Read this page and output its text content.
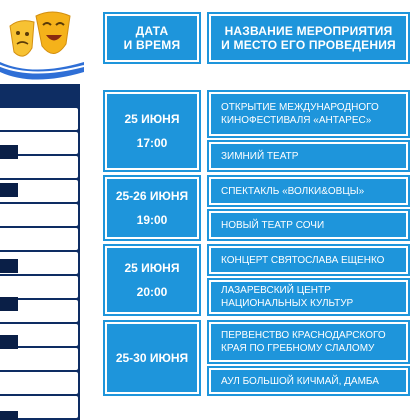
ДАТА
И ВРЕМЯ
НАЗВАНИЕ МЕРОПРИЯТИЯ
И МЕСТО ЕГО ПРОВЕДЕНИЯ
25 ИЮНЯ
17:00
ОТКРЫТИЕ МЕЖДУНАРОДНОГО КИНОФЕСТИВАЛЯ «АНТАРЕС»
ЗИМНИЙ ТЕАТР
25-26 ИЮНЯ
19:00
СПЕКТАКЛЬ «ВОЛКИ&ОВЦЫ»
НОВЫЙ ТЕАТР СОЧИ
25 ИЮНЯ
20:00
КОНЦЕРТ СВЯТОСЛАВА ЕЩЕНКО
ЛАЗАРЕВСКИЙ ЦЕНТР НАЦИОНАЛЬНЫХ КУЛЬТУР
25-30 ИЮНЯ
ПЕРВЕНСТВО КРАСНОДАРСКОГО КРАЯ ПО ГРЕБНОМУ СЛАЛОМУ
АУЛ БОЛЬШОЙ КИЧМАЙ, ДАМБА
